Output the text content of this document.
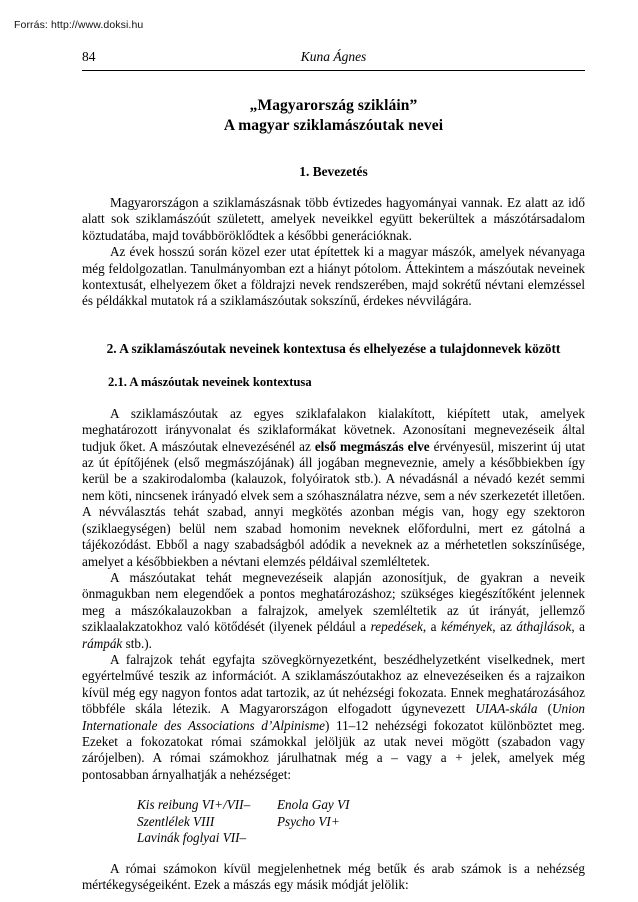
Forrás: http://www.doksi.hu
84	Kuna Ágnes
„Magyarország szikláin”
A magyar sziklamászóutak nevei
1. Bevezetés

Magyarországon a sziklamászásnak több évtizedes hagyományai vannak. Ez alatt az idő alatt sok sziklamászóút született, amelyek neveikkel együtt bekerültek a mászótársadalom köztudatába, majd továbböröklődtek a későbbi generációknak.

Az évek hosszú során közel ezer utat építettek ki a magyar mászók, amelyek névanyaga még feldolgozatlan. Tanulmányomban ezt a hiányt pótolom. Áttekintem a mászóutak neveinek kontextusát, elhelyezem őket a földrajzi nevek rendszerében, majd sokrétű névtani elemzéssel és példákkal mutatok rá a sziklamászóutak sokszínű, érdekes névvilágára.

2. A sziklamászóutak neveinek kontextusa és elhelyezése a tulajdonnevek között
2.1. A mászóutak neveinek kontextusa

A sziklamászóutak az egyes sziklafalakon kialakított, kiépített utak, amelyek meghatározott irányvonalat és sziklaformákat követnek. Azonosítani megnevezéseik által tudjuk őket. A mászóutak elnevezésénél az első megmászás elve érvényesül, miszerint új utat az út építőjének (első megmászójának) áll jogában megneveznie, amely a későbbiekben így kerül be a szakirodalomba (kalauzok, folyóiratok stb.). A névadásnál a névadó kezét semmi nem köti, nincsenek irányadó elvek sem a szóhasználatra nézve, sem a név szerkezetét illetően. A névválasztás tehát szabad, annyi megkötés azonban mégis van, hogy egy szektoron (sziklaegységen) belül nem szabad homonim neveknek előfordulni, mert ez gátolná a tájékozódást. Ebből a nagy szabadságból adódik a neveknek az a mérhetetlen sokszínűsége, amelyet a későbbiekben a névtani elemzés példáival szemléltetek.

A mászóutakat tehát megnevezéseik alapján azonosítjuk, de gyakran a neveik önmagukban nem elegendőek a pontos meghatározáshoz; szükséges kiegészítőként jelennek meg a mászókalauzokban a falrajzok, amelyek szemléltetik az út irányát, jellemző sziklaalakzatokhoz való kötődését (ilyenek például a repedések, a kémények, az áthajlások, a rámpák stb.).

A falrajzok tehát egyfajta szövegkörnyezetként, beszédhelyzetként viselkednek, mert egyértelművé teszik az információt. A sziklamászóutakhoz az elnevezéseiken és a rajzaikon kívül még egy nagyon fontos adat tartozik, az út nehézségi fokozata. Ennek meghatározásához többféle skála létezik. A Magyarországon elfogadott úgynevezett UIAA-skála (Union Internationale des Associations d’Alpinisme) 11–12 nehézségi fokozatot különböztet meg. Ezeket a fokozatokat római számokkal jelöljük az utak nevei mögött (szabadon vagy zárójelben). A római számokhoz járulhatnak még a – vagy a + jelek, amelyek még pontosabban árnyalhatják a nehézséget:

Kis reibung VI+/VII–	Enola Gay VI
Szentlélek VIII	Psycho VI+
Lavinák foglyai VII–

A római számokon kívül megjelenhetnek még betűk és arab számok is a nehézség mértékegységeiként. Ezek a mászás egy másik módját jelölik:
